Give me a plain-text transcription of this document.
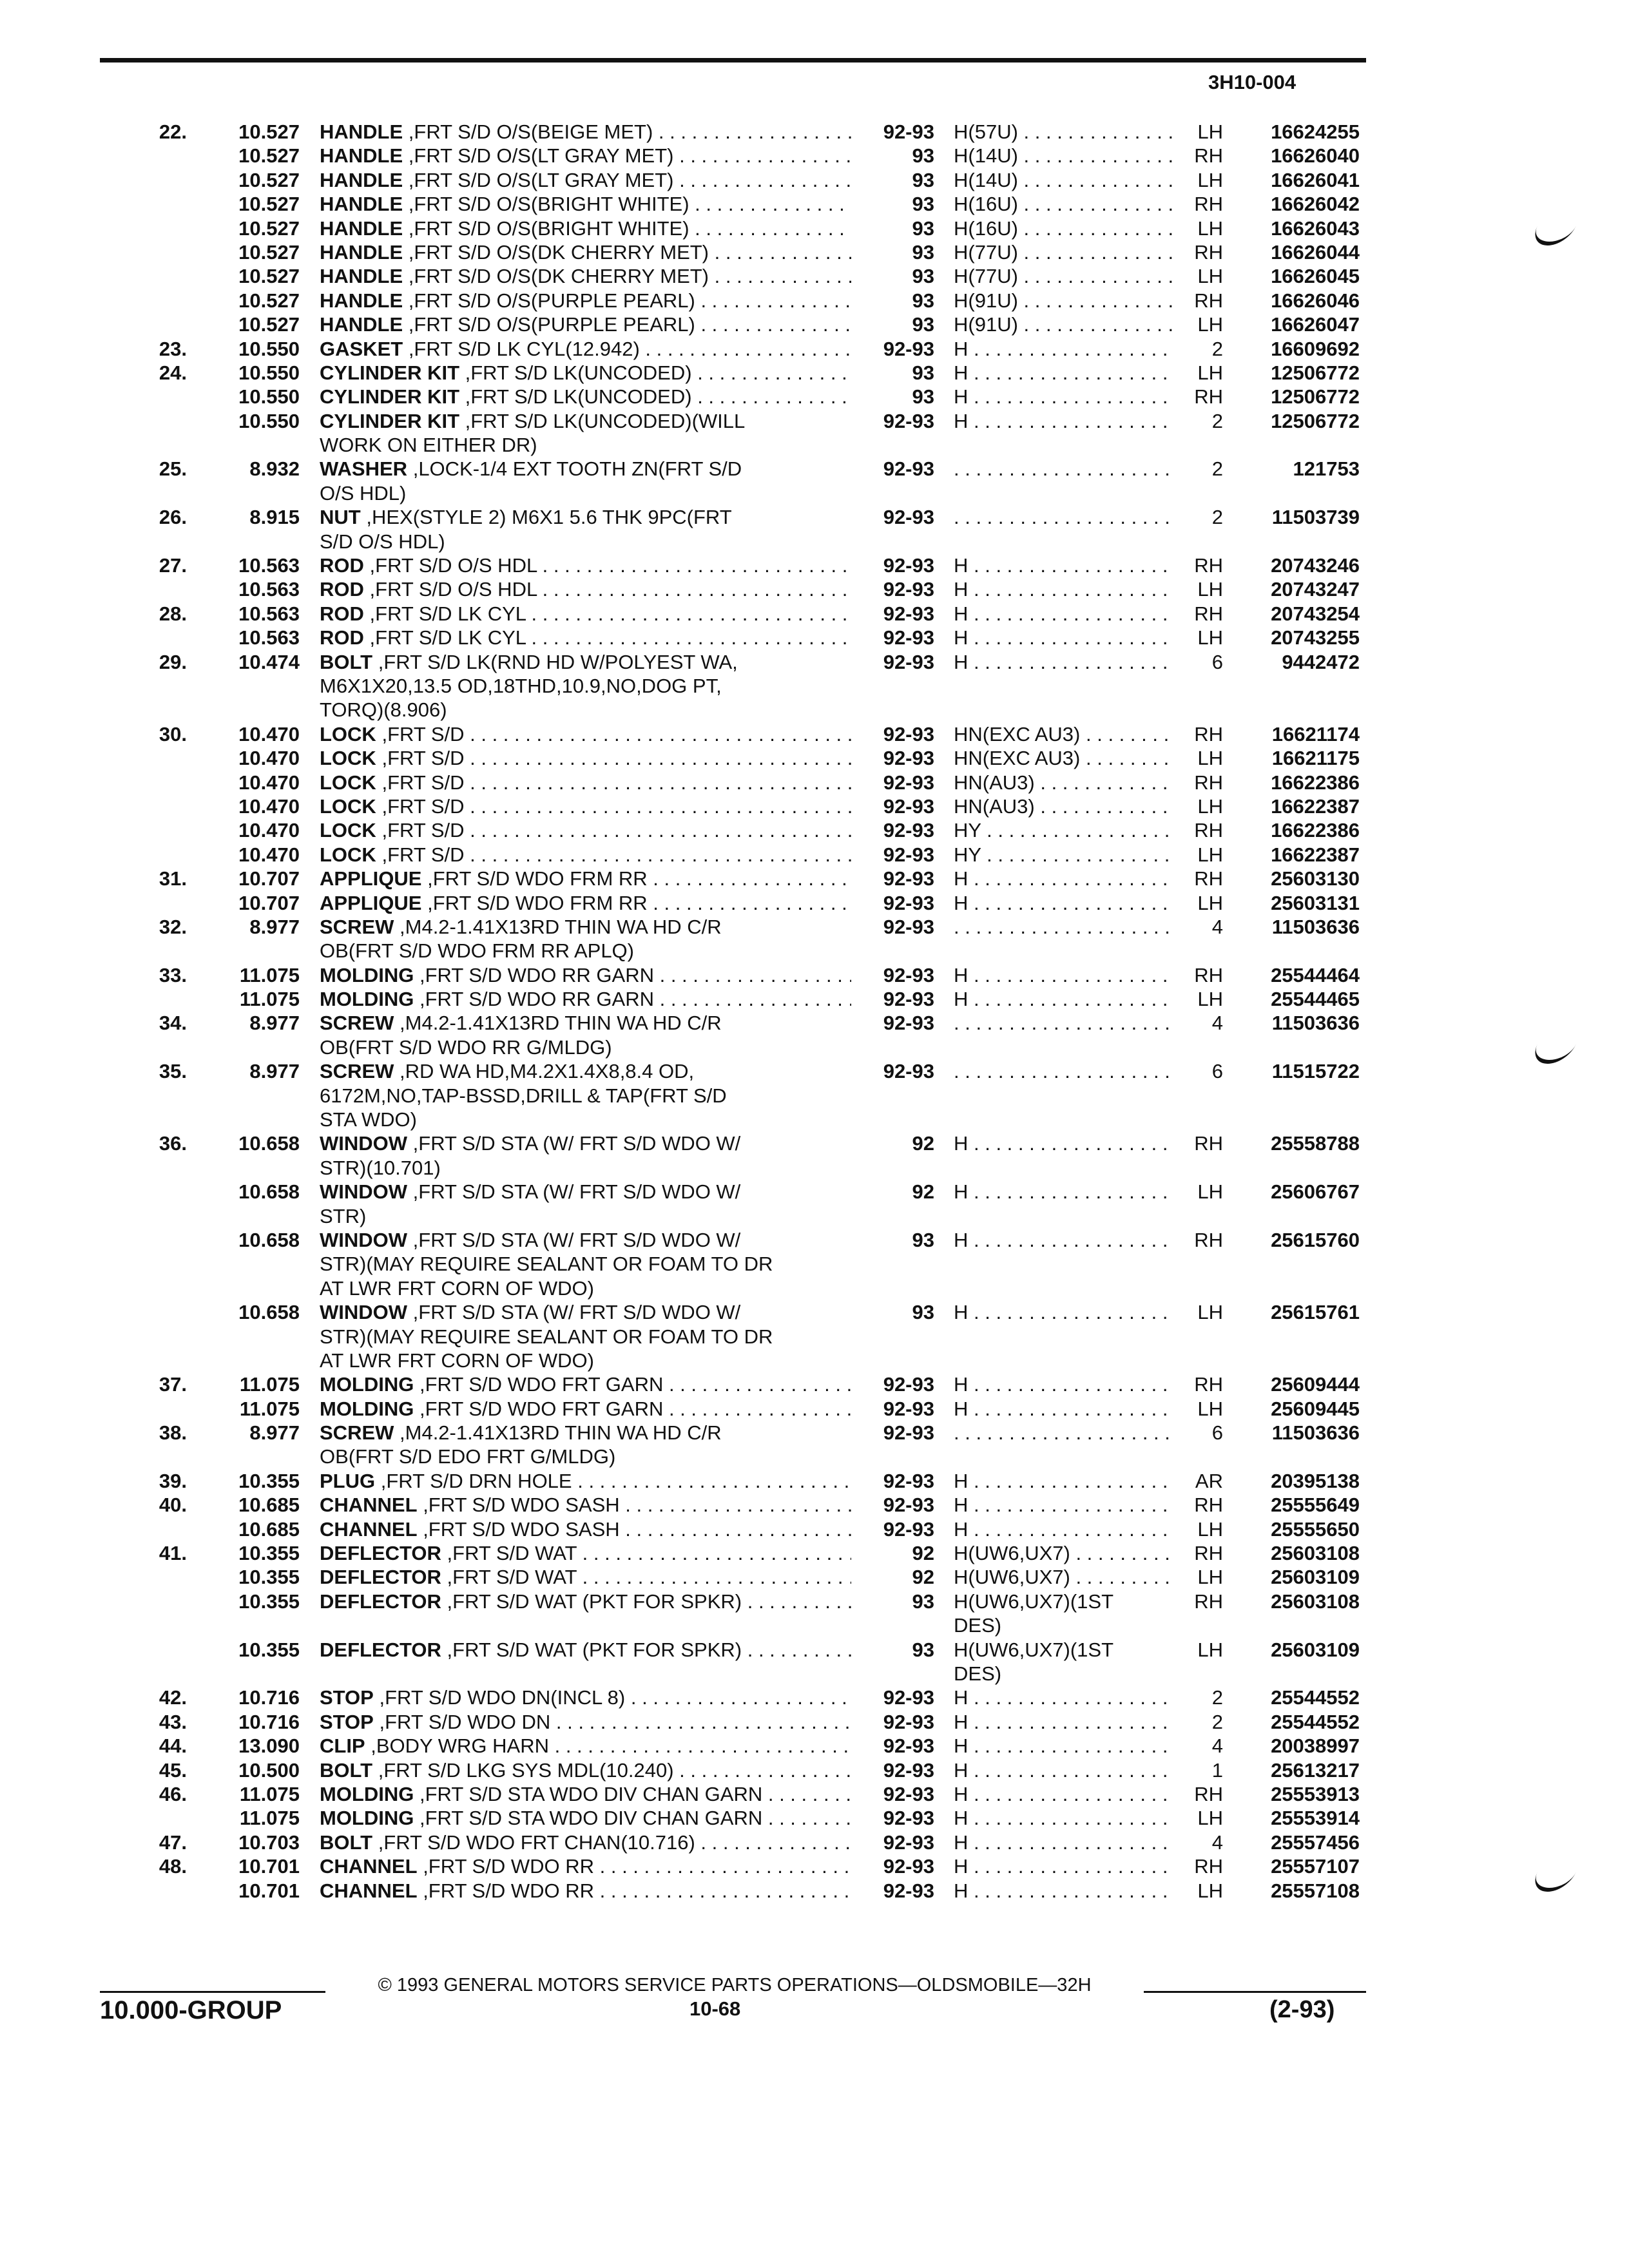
3H10-004
22.	10.527 HANDLE ,FRT S/D O/S(BEIGE MET) . . .	92-93 H(57U) . . .	LH	16624255
10.527 HANDLE ,FRT S/D O/S(LT GRAY MET) . . .	93 H(14U) . . .	RH	16626040
10.527 HANDLE ,FRT S/D O/S(LT GRAY MET) . . .	93 H(14U) . . .	LH	16626041
10.527 HANDLE ,FRT S/D O/S(BRIGHT WHITE) . . .	93 H(16U) . . .	RH	16626042
10.527 HANDLE ,FRT S/D O/S(BRIGHT WHITE) . . .	93 H(16U) . . .	LH	16626043
10.527 HANDLE ,FRT S/D O/S(DK CHERRY MET) . . .	93 H(77U) . . .	RH	16626044
10.527 HANDLE ,FRT S/D O/S(DK CHERRY MET) . . .	93 H(77U) . . .	LH	16626045
10.527 HANDLE ,FRT S/D O/S(PURPLE PEARL) . . .	93 H(91U) . . .	RH	16626046
10.527 HANDLE ,FRT S/D O/S(PURPLE PEARL) . . .	93 H(91U) . . .	LH	16626047
23.	10.550 GASKET ,FRT S/D LK CYL(12.942) . . .	92-93 H . . .	2	16609692
24.	10.550 CYLINDER KIT ,FRT S/D LK(UNCODED) . . .	93 H . . .	LH	12506772
10.550 CYLINDER KIT ,FRT S/D LK(UNCODED) . . .	93 H . . .	RH	12506772
10.550 CYLINDER KIT ,FRT S/D LK(UNCODED)(WILL	92-93 H . . .	2	12506772
WORK ON EITHER DR)
25.	8.932 WASHER ,LOCK-1/4 EXT TOOTH ZN(FRT S/D	92-93 . . .	2	121753
O/S HDL)
26.	8.915 NUT ,HEX(STYLE 2) M6X1 5.6 THK 9PC(FRT	92-93 . . .	2	11503739
S/D O/S HDL)
27.	10.563 ROD ,FRT S/D O/S HDL . . .	92-93 H . . .	RH	20743246
10.563 ROD ,FRT S/D O/S HDL . . .	92-93 H . . .	LH	20743247
28.	10.563 ROD ,FRT S/D LK CYL . . .	92-93 H . . .	RH	20743254
10.563 ROD ,FRT S/D LK CYL . . .	92-93 H . . .	LH	20743255
29.	10.474 BOLT ,FRT S/D LK(RND HD W/POLYEST WA,	92-93 H . . .	6	9442472
M6X1X20,13.5 OD,18THD,10.9,NO,DOG PT,
TORQ)(8.906)
30.	10.470 LOCK ,FRT S/D . . .	92-93 HN(EXC AU3) . . .	RH	16621174
10.470 LOCK ,FRT S/D . . .	92-93 HN(EXC AU3) . . .	LH	16621175
10.470 LOCK ,FRT S/D . . .	92-93 HN(AU3) . . .	RH	16622386
10.470 LOCK ,FRT S/D . . .	92-93 HN(AU3) . . .	LH	16622387
10.470 LOCK ,FRT S/D . . .	92-93 HY . . .	RH	16622386
10.470 LOCK ,FRT S/D . . .	92-93 HY . . .	LH	16622387
31.	10.707 APPLIQUE ,FRT S/D WDO FRM RR . . .	92-93 H . . .	RH	25603130
10.707 APPLIQUE ,FRT S/D WDO FRM RR . . .	92-93 H . . .	LH	25603131
32.	8.977 SCREW ,M4.2-1.41X13RD THIN WA HD C/R	92-93 . . .	4	11503636
OB(FRT S/D WDO FRM RR APLQ)
33.	11.075 MOLDING ,FRT S/D WDO RR GARN . . .	92-93 H . . .	RH	25544464
11.075 MOLDING ,FRT S/D WDO RR GARN . . .	92-93 H . . .	LH	25544465
34.	8.977 SCREW ,M4.2-1.41X13RD THIN WA HD C/R	92-93 . . .	4	11503636
OB(FRT S/D WDO RR G/MLDG)
35.	8.977 SCREW ,RD WA HD,M4.2X1.4X8,8.4 OD,	92-93 . . .	6	11515722
6172M,NO,TAP-BSSD,DRILL & TAP(FRT S/D
STA WDO)
36.	10.658 WINDOW ,FRT S/D STA (W/ FRT S/D WDO W/	92 H . . .	RH	25558788
STR)(10.701)
10.658 WINDOW ,FRT S/D STA (W/ FRT S/D WDO W/	92 H . . .	LH	25606767
STR)
10.658 WINDOW ,FRT S/D STA (W/ FRT S/D WDO W/	93 H . . .	RH	25615760
STR)(MAY REQUIRE SEALANT OR FOAM TO DR
AT LWR FRT CORN OF WDO)
10.658 WINDOW ,FRT S/D STA (W/ FRT S/D WDO W/	93 H . . .	LH	25615761
STR)(MAY REQUIRE SEALANT OR FOAM TO DR
AT LWR FRT CORN OF WDO)
37.	11.075 MOLDING ,FRT S/D WDO FRT GARN . . .	92-93 H . . .	RH	25609444
11.075 MOLDING ,FRT S/D WDO FRT GARN . . .	92-93 H . . .	LH	25609445
38.	8.977 SCREW ,M4.2-1.41X13RD THIN WA HD C/R	92-93 . . .	6	11503636
OB(FRT S/D EDO FRT G/MLDG)
39.	10.355 PLUG ,FRT S/D DRN HOLE . . .	92-93 H . . .	AR	20395138
40.	10.685 CHANNEL ,FRT S/D WDO SASH . . .	92-93 H . . .	RH	25555649
10.685 CHANNEL ,FRT S/D WDO SASH . . .	92-93 H . . .	LH	25555650
41.	10.355 DEFLECTOR ,FRT S/D WAT . . .	92 H(UW6,UX7) . . .	RH	25603108
10.355 DEFLECTOR ,FRT S/D WAT . . .	92 H(UW6,UX7) . . .	LH	25603109
10.355 DEFLECTOR ,FRT S/D WAT (PKT FOR SPKR) . . .	93 H(UW6,UX7)(1ST	RH	25603108
DES)
10.355 DEFLECTOR ,FRT S/D WAT (PKT FOR SPKR) . . .	93 H(UW6,UX7)(1ST	LH	25603109
DES)
42.	10.716 STOP ,FRT S/D WDO DN(INCL 8) . . .	92-93 H . . .	2	25544552
43.	10.716 STOP ,FRT S/D WDO DN . . .	92-93 H . . .	2	25544552
44.	13.090 CLIP ,BODY WRG HARN . . .	92-93 H . . .	4	20038997
45.	10.500 BOLT ,FRT S/D LKG SYS MDL(10.240) . . .	92-93 H . . .	1	25613217
46.	11.075 MOLDING ,FRT S/D STA WDO DIV CHAN GARN . . .	92-93 H . . .	RH	25553913
11.075 MOLDING ,FRT S/D STA WDO DIV CHAN GARN . . .	92-93 H . . .	LH	25553914
47.	10.703 BOLT ,FRT S/D WDO FRT CHAN(10.716) . . .	92-93 H . . .	4	25557456
48.	10.701 CHANNEL ,FRT S/D WDO RR . . .	92-93 H . . .	RH	25557107
10.701 CHANNEL ,FRT S/D WDO RR . . .	92-93 H . . .	LH	25557108
© 1993 GENERAL MOTORS SERVICE PARTS OPERATIONS—OLDSMOBILE—32H
10.000-GROUP	10-68	(2-93)
